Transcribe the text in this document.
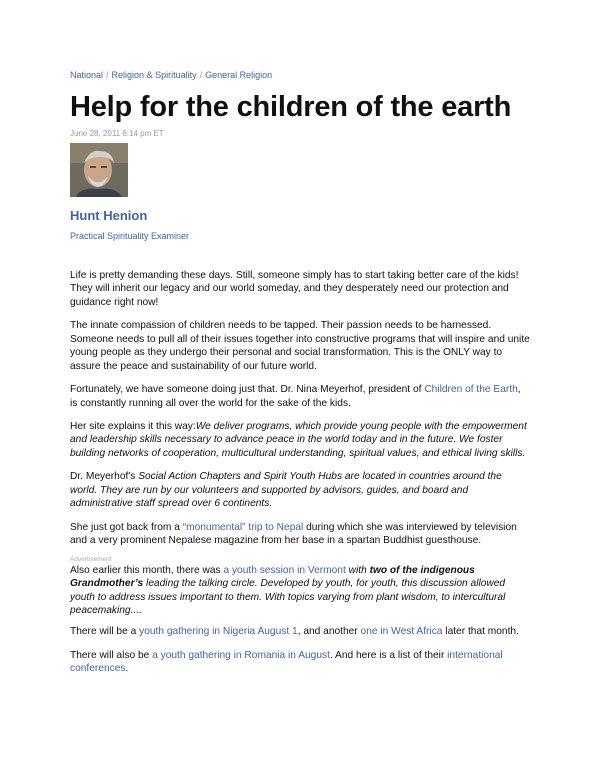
National / Religion & Spirituality / General Religion
Help for the children of the earth
June 28, 2011 6:14 pm ET
Hunt Henion
Practical Spirituality Examiner

Life is pretty demanding these days. Still, someone simply has to start taking better care of the kids! They will inherit our legacy and our world someday, and they desperately need our protection and guidance right now!

The innate compassion of children needs to be tapped. Their passion needs to be harnessed. Someone needs to pull all of their issues together into constructive programs that will inspire and unite young people as they undergo their personal and social transformation. This is the ONLY way to assure the peace and sustainability of our future world.

Fortunately, we have someone doing just that. Dr. Nina Meyerhof, president of Children of the Earth, is constantly running all over the world for the sake of the kids.

Her site explains it this way:We deliver programs, which provide young people with the empowerment and leadership skills necessary to advance peace in the world today and in the future. We foster building networks of cooperation, multicultural understanding, spiritual values, and ethical living skills.

Dr. Meyerhof's Social Action Chapters and Spirit Youth Hubs are located in countries around the world. They are run by our volunteers and supported by advisors, guides, and board and administrative staff spread over 6 continents.

She just got back from a “monumental” trip to Nepal during which she was interviewed by television and a very prominent Nepalese magazine from her base in a spartan Buddhist guesthouse.

Advertisement

Also earlier this month, there was a youth session in Vermont with two of the indigenous Grandmother’s leading the talking circle. Developed by youth, for youth, this discussion allowed youth to address issues important to them. With topics varying from plant wisdom, to intercultural peacemaking....

There will be a youth gathering in Nigeria August 1, and another one in West Africa later that month.

There will also be a youth gathering in Romania in August. And here is a list of their international conferences.
